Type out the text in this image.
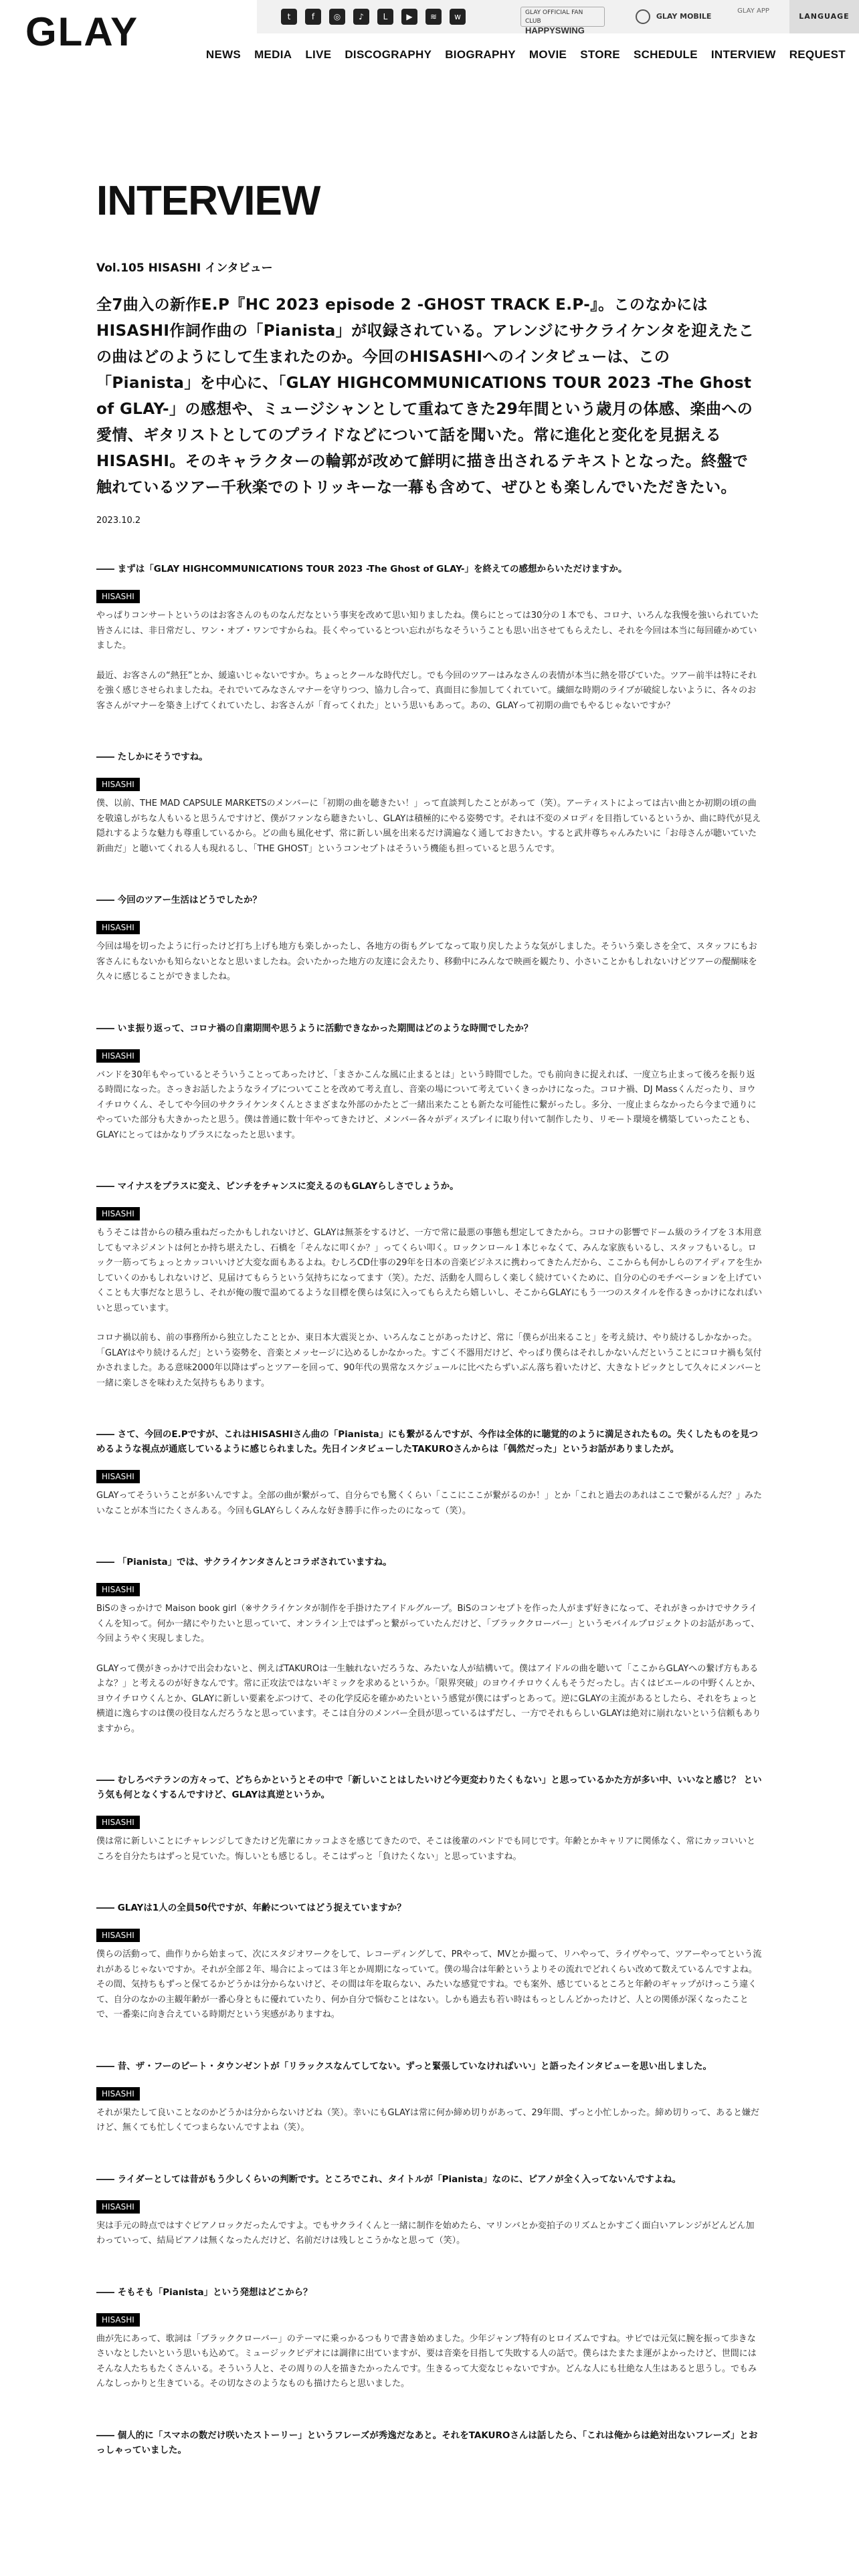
GLAY	t	f	◎	♪	L	▶	≋	w	GLAY OFFICIAL FAN CLUB
HAPPYSWING
GLAY MOBILE
GLAY APP
LANGUAGE
NEWS MEDIA LIVE DISCOGRAPHY BIOGRAPHY MOVIE STORE SCHEDULE INTERVIEW REQUEST
INTERVIEW
Vol.105 HISASHI インタビュー

全7曲入の新作E.P『HC 2023 episode 2 -GHOST TRACK E.P-』。このなかにはHISASHI作詞作曲の「Pianista」が収録されている。アレンジにサクライケンタを迎えたこの曲はどのようにして生まれたのか。今回のHISASHIへのインタビューは、この「Pianista」を中心に、「GLAY HIGHCOMMUNICATIONS TOUR 2023 -The Ghost of GLAY-」の感想や、ミュージシャンとして重ねてきた29年間という歳月の体感、楽曲への愛情、ギタリストとしてのプライドなどについて話を聞いた。常に進化と変化を見据えるHISASHI。そのキャラクターの輪郭が改めて鮮明に描き出されるテキストとなった。終盤で触れているツアー千秋楽でのトリッキーな一幕も含めて、ぜひとも楽しんでいただきたい。

2023.10.2
―― まずは「GLAY HIGHCOMMUNICATIONS TOUR 2023 -The Ghost of GLAY-」を終えての感想からいただけますか。
HISASHI

やっぱりコンサートというのはお客さんのものなんだなという事実を改めて思い知りましたね。僕らにとっては30分の１本でも、コロナ、いろんな我慢を強いられていた皆さんには、非日常だし、ワン・オブ・ワンですからね。長くやっているとつい忘れがちなそういうことも思い出させてもらえたし、それを今回は本当に毎回確かめていました。

最近、お客さんの“熱狂”とか、緩遠いじゃないですか。ちょっとクールな時代だし。でも今回のツアーはみなさんの表情が本当に熱を帯びていた。ツアー前半は特にそれを強く感じさせられましたね。それでいてみなさんマナーを守りつつ、協力し合って、真面目に参加してくれていて。繊細な時期のライブが破綻しないように、各々のお客さんがマナーを築き上げてくれていたし、お客さんが「育ってくれた」という思いもあって。あの、GLAYって初期の曲でもやるじゃないですか？

―― たしかにそうですね。
HISASHI

僕、以前、THE MAD CAPSULE MARKETSのメンバーに「初期の曲を聴きたい！」って直談判したことがあって（笑）。アーティストによっては古い曲とか初期の頃の曲を敬遠しがちな人もいると思うんですけど、僕がファンなら聴きたいし、GLAYは積極的にやる姿勢です。それは不変のメロディを目指しているというか、曲に時代が見え隠れするような魅力も尊重しているから。どの曲も風化せず、常に新しい風を出来るだけ満遍なく通しておきたい。すると武井尊ちゃんみたいに「お母さんが聴いていた新曲だ」と聴いてくれる人も現れるし、「THE GHOST」というコンセプトはそういう機能も担っていると思うんです。

―― 今回のツアー生活はどうでしたか？
HISASHI

今回は場を切ったように行ったけど打ち上げも地方も楽しかったし、各地方の街もグレてなって取り戻したような気がしました。そういう楽しさを全て、スタッフにもお客さんにもないかも知らないとなと思いましたね。会いたかった地方の友達に会えたり、移動中にみんなで映画を観たり、小さいことかもしれないけどツアーの醍醐味を久々に感じることができましたね。

―― いま振り返って、コロナ禍の自粛期間や思うように活動できなかった期間はどのような時間でしたか？
HISASHI

バンドを30年もやっているとそういうことってあったけど、「まさかこんな風に止まるとは」という時間でした。でも前向きに捉えれば、一度立ち止まって後ろを振り返る時間になった。さっきお話したようなライブについてことを改めて考え直し、音楽の場について考えていくきっかけになった。コロナ禍、DJ Massくんだったり、ヨウイチロウくん、そしてや今回のサクライケンタくんとさまざまな外部のかたとご一緒出来たことも新たな可能性に繋がったし。多分、一度止まらなかったら今まで通りにやっていた部分も大きかったと思う。僕は普通に数十年やってきたけど、メンバー各々がディスプレイに取り付いて制作したり、リモート環境を構築していったことも、GLAYにとってはかなりプラスになったと思います。

―― マイナスをプラスに変え、ピンチをチャンスに変えるのもGLAYらしさでしょうか。
HISASHI

もうそこは昔からの積み重ねだったかもしれないけど、GLAYは無茶をするけど、一方で常に最悪の事態も想定してきたから。コロナの影響でドーム級のライブを３本用意してもマネジメントは何とか持ち堪えたし、石橋を「そんなに叩くか？」ってくらい叩く。ロックンロール１本じゃなくて、みんな家族もいるし、スタッフもいるし。ロック一筋ってちょっとカッコいいけど大変な面もあるよね。むしろCD仕事の29年を日本の音楽ビジネスに携わってきたんだから、ここからも何かしらのアイディアを生かしていくのかもしれないけど、見届けてもらうという気持ちになってます（笑）。ただ、活動を人間らしく楽しく続けていくために、自分の心のモチベーションを上げていくことも大事だなと思うし、それが俺の腹で温めてるような目標を僕らは気に入ってもらえたら嬉しいし、そこからGLAYにもう一つのスタイルを作るきっかけになればいいと思っています。

コロナ禍以前も、前の事務所から独立したこととか、東日本大震災とか、いろんなことがあったけど、常に「僕らが出来ること」を考え続け、やり続けるしかなかった。「GLAYはやり続けるんだ」という姿勢を、音楽とメッセージに込めるしかなかった。すごく不器用だけど、やっぱり僕らはそれしかないんだということにコロナ禍も気付かされました。ある意味2000年以降はずっとツアーを回って、90年代の異常なスケジュールに比べたらずいぶん落ち着いたけど、大きなトピックとして久々にメンバーと一緒に楽しさを味わえた気持ちもあります。

―― さて、今回のE.Pですが、これはHISASHIさん曲の「Pianista」にも繋がるんですが、今作は全体的に聴覚的のように満足されたもの。失くしたものを見つめるような視点が通底しているように感じられました。先日インタビューしたTAKUROさんからは「偶然だった」というお話がありましたが。
HISASHI

GLAYってそういうことが多いんですよ。全部の曲が繋がって、自分らでも驚くくらい「ここにここが繋がるのか！」とか「これと過去のあれはここで繋がるんだ？」みたいなことが本当にたくさんある。今回もGLAYらしくみんな好き勝手に作ったのになって（笑）。

―― 「Pianista」では、サクライケンタさんとコラボされていますね。
HISASHI

BiSのきっかけで Maison book girl（※サクライケンタが制作を手掛けたアイドルグループ。BiSのコンセプトを作った人がまず好きになって、それがきっかけでサクライくんを知って。何か一緒にやりたいと思っていて、オンライン上ではずっと繋がっていたんだけど、「ブラッククローバー」というモバイルプロジェクトのお話があって、今回ようやく実現しました。

GLAYって僕がきっかけで出会わないと、例えばTAKUROは一生触れないだろうな、みたいな人が結構いて。僕はアイドルの曲を聴いて「ここからGLAYへの繋げ方もあるよな？」と考えるのが好きなんです。常に正攻法ではないギミックを求めるというか。「限界突破」のヨウイチロウくんもそうだったし。古くはビエールの中野くんとか、ヨウイチロウくんとか、GLAYに新しい要素をぶつけて、その化学反応を確かめたいという感覚が僕にはずっとあって。逆にGLAYの主流があるとしたら、それをちょっと横道に逸らすのは僕の役目なんだろうなと思っています。そこは自分のメンバー全員が思っているはずだし、一方でそれもらしいGLAYは絶対に崩れないという信頼もありますから。

―― むしろベテランの方々って、どちらかというとその中で「新しいことはしたいけど今更変わりたくもない」と思っているかた方が多い中、いいなと感じ？ という気も何となくするんですけど、GLAYは真逆というか。
HISASHI

僕は常に新しいことにチャレンジしてきたけど先輩にカッコよさを感じてきたので、そこは後輩のバンドでも同じです。年齢とかキャリアに関係なく、常にカッコいいところを自分たちはずっと見ていた。悔しいとも感じるし。そこはずっと「負けたくない」と思っていますね。

―― GLAYは1人の全員50代ですが、年齢についてはどう捉えていますか？
HISASHI

僕らの活動って、曲作りから始まって、次にスタジオワークをして、レコーディングして、PRやって、MVとか撮って、リハやって、ライヴやって、ツアーやってという流れがあるじゃないですか。それが全部２年、場合によっては３年とか周期になっていて。僕の場合は年齢というよりその流れでどれくらい改めて数えているんですよね。その間、気持ちもずっと保てるかどうかは分からないけど、その間は年を取らない、みたいな感覚ですね。でも案外、感じているところと年齢のギャップがけっこう違くて、自分のなかの主観年齢が一番心身ともに優れていたり、何か自分で悩むことはない。しかも過去も若い時はもっとしんどかったけど、人との関係が深くなったことで、一番楽に向き合えている時期だという実感がありますね。

―― 昔、ザ・フーのピート・タウンゼントが「リラックスなんてしてない。ずっと緊張していなければいい」と語ったインタビューを思い出しました。
HISASHI

それが果たして良いことなのかどうかは分からないけどね（笑）。幸いにもGLAYは常に何か締め切りがあって、29年間、ずっと小忙しかった。締め切りって、あると嫌だけど、無くても忙しくてつまらないんですよね（笑）。

―― ライダーとしては昔がもう少しくらいの判断です。ところでこれ、タイトルが「Pianista」なのに、ピアノが全く入ってないんですよね。
HISASHI

実は手元の時点ではすぐピアノロックだったんですよ。でもサクライくんと一緒に制作を始めたら、マリンバとか変拍子のリズムとかすごく面白いアレンジがどんどん加わっていって、結局ピアノは無くなったんだけど、名前だけは残しとこうかなと思って（笑）。

―― そもそも「Pianista」という発想はどこから？
HISASHI

曲が先にあって、歌詞は「ブラッククローバー」のテーマに乗っかるつもりで書き始めました。少年ジャンプ特有のヒロイズムですね。サビでは元気に腕を振って歩きなさいなとしたいという思いも込めて。ミュージックビデオには調律に出ていますが、要は音楽を目指して失敗する人の話で。僕らはたまたま運がよかったけど、世間にはそんな人たちもたくさんいる。そういう人と、その周りの人を描きたかったんです。生きるって大変なじゃないですか。どんな人にも壮絶な人生はあると思うし。でもみんなしっかりと生きている。その切なさのようなものも描けたらと思いました。

―― 個人的に「スマホの数だけ咲いたストーリー」というフレーズが秀逸だなあと。それをTAKUROさんは話したら、「これは俺からは絶対出ないフレーズ」とおっしゃっていました。
